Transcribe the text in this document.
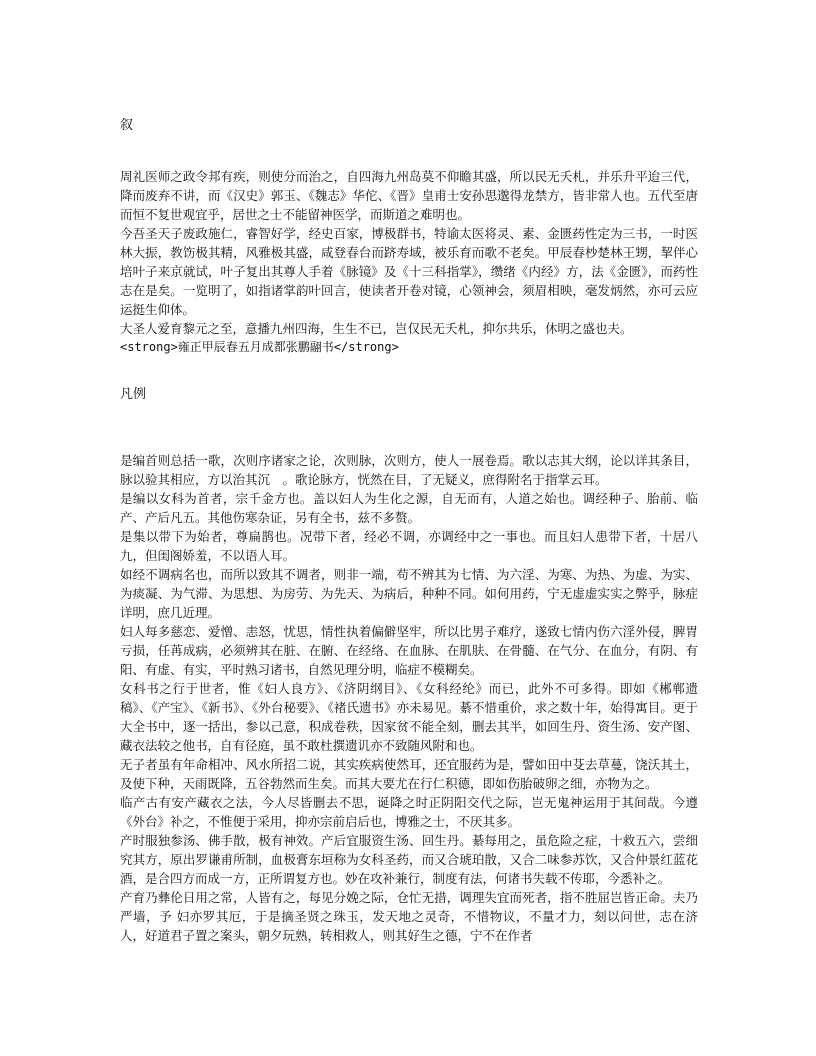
叙

周礼医师之政令邦有疾，则使分而治之，自四海九州岛莫不仰瞻其盛，所以民无夭札，并乐升平迨三代，降而废弃不讲，而《汉史》郭玉、《魏志》华佗、《晋》皇甫士安孙思邈得龙禁方，皆非常人也。五代至唐而恒不复世观宜乎，居世之士不能留神医学，而斯道之难明也。

今吾圣天子废政施仁，睿智好学，经史百家，博极群书，特谕太医将灵、素、金匮药性定为三书，一时医林大振，教饬极其精，风雅极其盛，咸登春台而跻寿域，被乐育而歌不老矣。甲辰春杪楚林王甥，挈伴心培叶子来京就试，叶子复出其尊人手着《脉镜》及《十三科指掌》，缵绪《内经》方，法《金匮》，而药性志在是矣。一览明了，如指诸掌韵叶回言，使读者开卷对镜，心领神会，须眉相映，毫发炳然，亦可云应运挺生仰体。

大圣人爱育黎元之至，意播九州四海，生生不已，岂仅民无夭札，抑尔共乐，休明之盛也夫。

<strong>雍正甲辰春五月成都张鹏翮书</strong>

凡例

是编首则总括一歌，次则序诸家之论，次则脉，次则方，使人一展卷焉。歌以志其大纲，论以详其条目，脉以验其相应，方以治其沉　。歌论脉方，恍然在目，了无疑义，庶得附名于指掌云耳。

是编以女科为首者，宗千金方也。盖以妇人为生化之源，自无而有，人道之始也。调经种子、胎前、临产、产后凡五。其他伤寒杂证，另有全书，兹不多赘。

是集以带下为始者，尊扁鹊也。况带下者，经必不调，亦调经中之一事也。而且妇人患带下者，十居八九，但闺阁娇羞，不以语人耳。

如经不调病名也，而所以致其不调者，则非一端，苟不辨其为七情、为六淫、为寒、为热、为虚、为实、为痰凝、为气滞、为思想、为房劳、为先天、为病后，种种不同。如何用药，宁无虚虚实实之弊乎，脉症详明，庶几近理。

妇人每多慈恋、爱憎、恚怒，忧思，情性执着偏僻坚牢，所以比男子难疗，遂致七情内伤六淫外侵，脾胃亏损，任苒成病，必须辨其在脏、在腑、在经络、在血脉、在肌肤、在骨髓、在气分、在血分，有阴、有阳、有虚、有实，平时熟习诸书，自然见理分明，临症不模糊矣。

女科书之行于世者，惟《妇人良方》、《济阴纲目》、《女科经纶》而已，此外不可多得。即如《郴郸遗稿》、《产宝》、《新书》、《外台秘要》、《褚氏遗书》亦未易见。綦不惜重价，求之数十年，始得寓目。更于大全书中，逐一括出，参以己意，积成卷秩，因家贫不能全刻，删去其半，如回生丹、资生汤、安产图、藏衣法较之他书，自有径庭，虽不敢杜撰遗讥亦不致随风附和也。

无子者虽有年命相冲、风水所招二说，其实疾病使然耳，还宜服药为是，譬如田中芟去草蔓，饶沃其土，及使下种，天雨既降，五谷勃然而生矣。而其大要尤在行仁积德，即如伤胎破卵之细，亦物为之。

临产古有安产藏衣之法，今人尽皆删去不思，诞降之时正阴阳交代之际，岂无鬼神运用于其间哉。今遵《外台》补之，不惟便于采用，抑亦宗前启后也，博雅之士，不厌其多。

产时服独参汤、佛手散，极有神效。产后宜服资生汤、回生丹。綦每用之，虽危险之症，十救五六，尝细究其方，原出罗谦甫所制，血极膏东垣称为女科圣药，而又合琥珀散，又合二味参苏饮，又合仲景红蓝花酒，是合四方而成一方，正所谓复方也。妙在攻补兼行，制度有法，何诸书失载不传耶，今悉补之。

产育乃彝伦日用之常，人皆有之，每见分娩之际，仓忙无措，调理失宜而死者，指不胜屈岂皆正命。夫乃严墙，予 妇亦罗其厄，于是摘圣贤之珠玉，发天地之灵奇，不惜物议，不量才力，刻以问世，志在济人，好道君子置之案头，朝夕玩熟，转相救人，则其好生之德，宁不在作者
